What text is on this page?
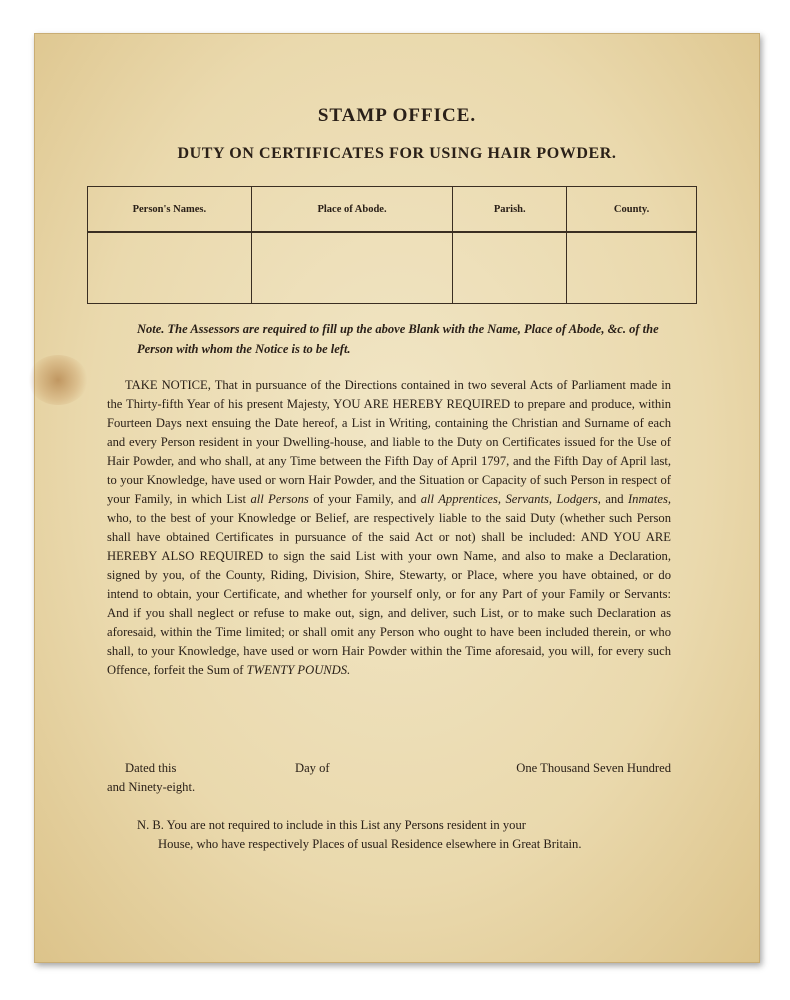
STAMP OFFICE.
DUTY ON CERTIFICATES FOR USING HAIR POWDER.
Person's Names.	Place of Abode.	Parish.	County.

Note. The Assessors are required to fill up the above Blank with the Name, Place of Abode, &c. of the Person with whom the Notice is to be left.

TAKE NOTICE, That in pursuance of the Directions contained in two several Acts of Parliament made in the Thirty-fifth Year of his present Majesty, YOU ARE HEREBY REQUIRED to prepare and produce, within Fourteen Days next ensuing the Date hereof, a List in Writing, containing the Christian and Surname of each and every Person resident in your Dwelling-house, and liable to the Duty on Certificates issued for the Use of Hair Powder, and who shall, at any Time between the Fifth Day of April 1797, and the Fifth Day of April last, to your Knowledge, have used or worn Hair Powder, and the Situation or Capacity of such Person in respect of your Family, in which List all Persons of your Family, and all Apprentices, Servants, Lodgers, and Inmates, who, to the best of your Knowledge or Belief, are respectively liable to the said Duty (whether such Person shall have obtained Certificates in pursuance of the said Act or not) shall be included: AND YOU ARE HEREBY ALSO REQUIRED to sign the said List with your own Name, and also to make a Declaration, signed by you, of the County, Riding, Division, Shire, Stewarty, or Place, where you have obtained, or do intend to obtain, your Certificate, and whether for yourself only, or for any Part of your Family or Servants: And if you shall neglect or refuse to make out, sign, and deliver, such List, or to make such Declaration as aforesaid, within the Time limited; or shall omit any Person who ought to have been included therein, or who shall, to your Knowledge, have used or worn Hair Powder within the Time aforesaid, you will, for every such Offence, forfeit the Sum of TWENTY POUNDS.

Dated this	Day of	One Thousand Seven Hundred
and Ninety-eight.
N. B. You are not required to include in this List any Persons resident in your
House, who have respectively Places of usual Residence elsewhere in Great Britain.
